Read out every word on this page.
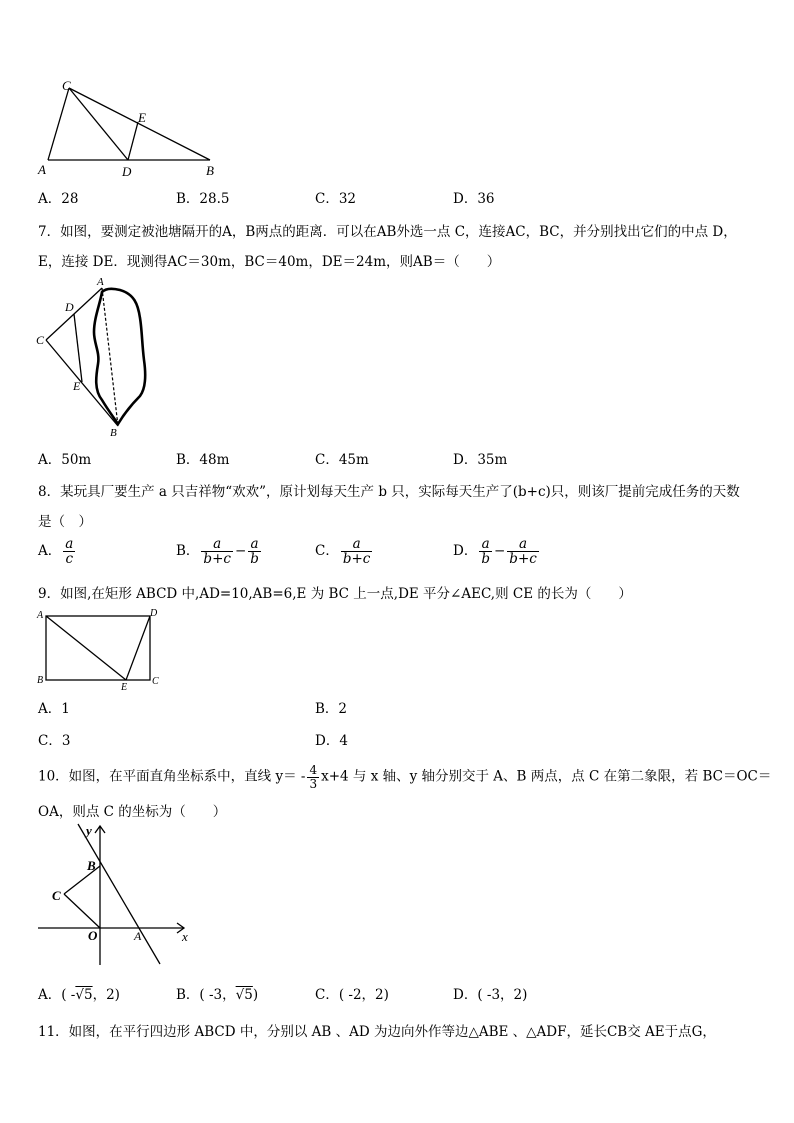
C
E
A	D	B
A．28	B．28.5	C．32	D．36
7．如图，要测定被池塘隔开的A，B两点的距离．可以在AB外选一点 C，连接AC，BC，并分别找出它们的中点 D，
E，连接 DE．现测得AC＝30m，BC＝40m，DE＝24m，则AB＝（　　）
A
D
C
E
B
A．50m	B．48m	C．45m	D．35m
8．某玩具厂要生产 a 只吉祥物“欢欢”，原计划每天生产 b 只，实际每天生产了(b+c)只，则该厂提前完成任务的天数
是（　）
A． $\frac{a}{c}$	B． $\frac{a}{b+c} - \frac{a}{b}$	C． $\frac{a}{b+c}$	D． $\frac{a}{b} - \frac{a}{b+c}$
9．如图,在矩形 ABCD 中,AD=10,AB=6,E 为 BC 上一点,DE 平分∠AEC,则 CE 的长为（　　）
A	D
B
E
C
A．1	B．2
C．3	D．4
10．如图，在平面直角坐标系中，直线 $y= - \frac{4}{3} x+4$ 与 x 轴、y 轴分别交于 A、B 两点，点 C 在第二象限，若 BC＝OC＝
OA，则点 C 的坐标为（　　）
y
B
C
O	A	x
A．( -√5，2)	B．( -3，√5)	C．( -2，2)	D．( -3，2)
11．如图，在平行四边形 ABCD 中，分别以 AB 、AD 为边向外作等边△ABE 、△ADF，延长CB交 AE于点G，
